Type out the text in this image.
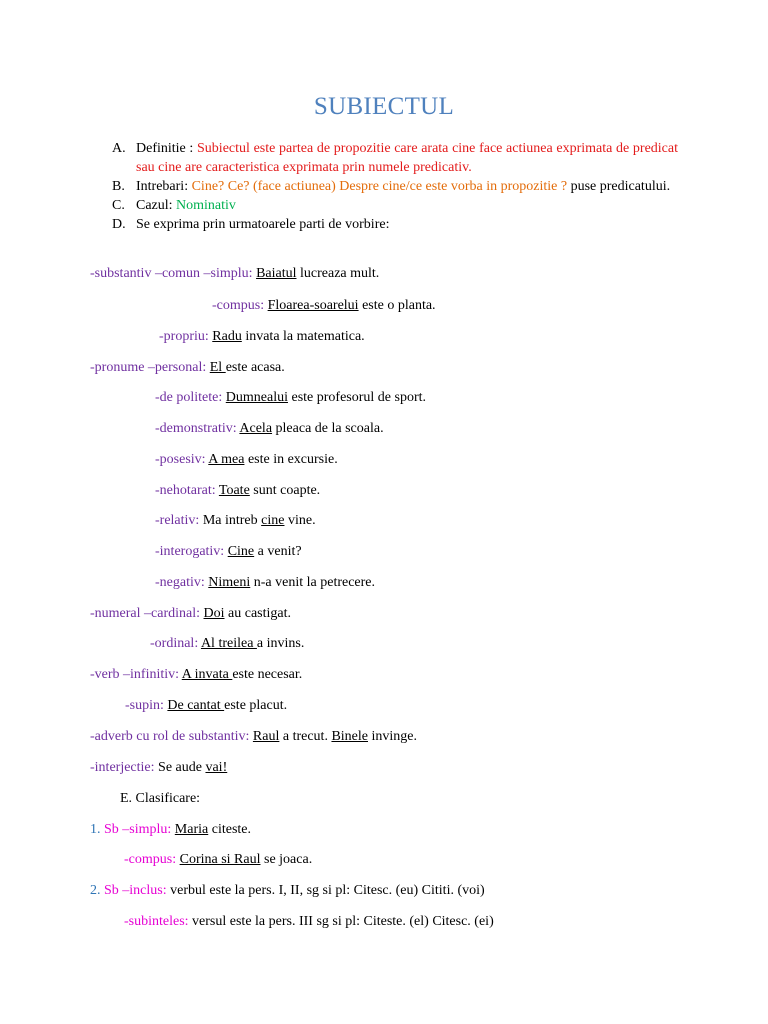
SUBIECTUL
A. Definitie : Subiectul este partea de propozitie care arata cine face actiunea exprimata de predicat sau cine are caracteristica exprimata prin numele predicativ.
B. Intrebari: Cine? Ce? (face actiunea) Despre cine/ce este vorba in propozitie ? puse predicatului.
C. Cazul: Nominativ
D. Se exprima prin urmatoarele parti de vorbire:
-substantiv –comun –simplu: Baiatul lucreaza mult.
-compus: Floarea-soarelui este o planta.
-propriu: Radu invata la matematica.
-pronume –personal: El este acasa.
-de politete: Dumnealui este profesorul de sport.
-demonstrativ: Acela pleaca de la scoala.
-posesiv: A mea este in excursie.
-nehotarat: Toate sunt coapte.
-relativ: Ma intreb cine vine.
-interogativ: Cine a venit?
-negativ: Nimeni n-a venit la petrecere.
-numeral –cardinal: Doi au castigat.
-ordinal: Al treilea a invins.
-verb –infinitiv: A invata este necesar.
-supin: De cantat este placut.
-adverb cu rol de substantiv: Raul a trecut. Binele invinge.
-interjectie: Se aude vai!
E. Clasificare:
1. Sb –simplu: Maria citeste.
-compus: Corina si Raul se joaca.
2. Sb –inclus: verbul este la pers. I, II, sg si pl: Citesc. (eu) Cititi. (voi)
-subinteles: versul este la pers. III sg si pl: Citeste. (el) Citesc. (ei)
